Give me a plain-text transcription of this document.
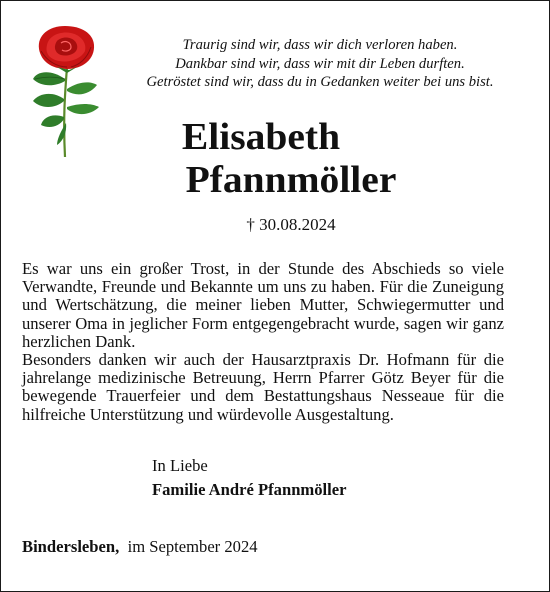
Traurig sind wir, dass wir dich verloren haben.
Dankbar sind wir, dass wir mit dir Leben durften.
Getröstet sind wir, dass du in Gedanken weiter bei uns bist.
Elisabeth
Pfannmöller
† 30.08.2024

Es war uns ein großer Trost, in der Stunde des Abschieds so viele Verwandte, Freunde und Bekannte um uns zu haben. Für die Zuneigung und Wertschätzung, die meiner lieben Mutter, Schwiegermutter und unserer Oma in jeglicher Form entgegengebracht wurde, sagen wir ganz herzlichen Dank.

Besonders danken wir auch der Hausarztpraxis Dr. Hofmann für die jahrelange medizinische Betreuung, Herrn Pfarrer Götz Beyer für die bewegende Trauerfeier und dem Bestattungshaus Nesseaue für die hilfreiche Unterstützung und würdevolle Ausgestaltung.

In Liebe
Familie André Pfannmöller
Bindersleben, im September 2024
